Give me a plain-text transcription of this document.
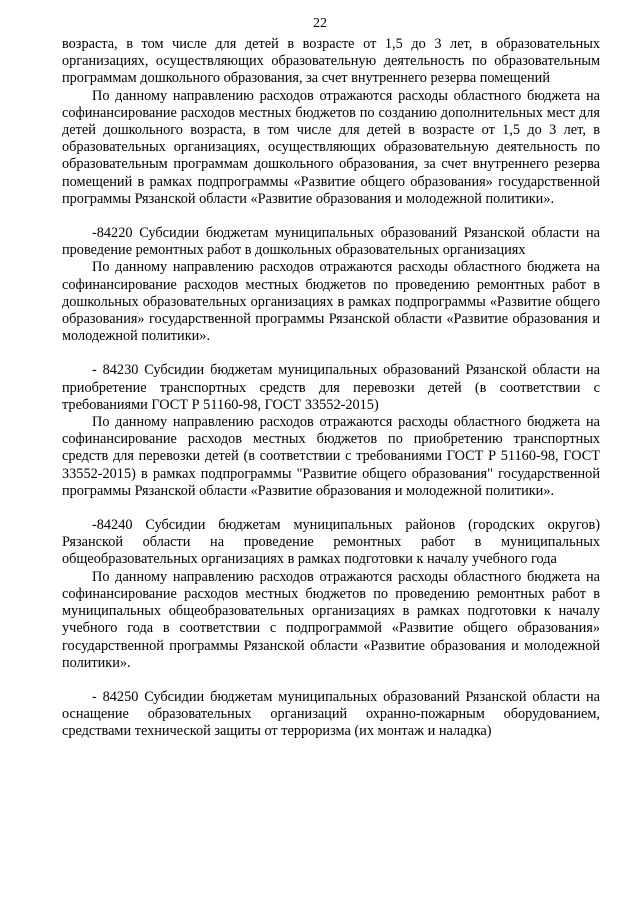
22

возраста, в том числе для детей в возрасте от 1,5 до 3 лет, в образовательных организациях, осуществляющих образовательную деятельность по образовательным программам дошкольного образования, за счет внутреннего резерва помещений

По данному направлению расходов отражаются расходы областного бюджета на софинансирование расходов местных бюджетов по созданию дополнительных мест для детей дошкольного возраста, в том числе для детей в возрасте от 1,5 до 3 лет, в образовательных организациях, осуществляющих образовательную деятельность по образовательным программам дошкольного образования, за счет внутреннего резерва помещений в рамках подпрограммы «Развитие общего образования» государственной программы Рязанской области «Развитие образования и молодежной политики».

-84220 Субсидии бюджетам муниципальных образований Рязанской области на проведение ремонтных работ в дошкольных образовательных организациях

По данному направлению расходов отражаются расходы областного бюджета на софинансирование расходов местных бюджетов по проведению ремонтных работ в дошкольных образовательных организациях в рамках подпрограммы «Развитие общего образования» государственной программы Рязанской области «Развитие образования и молодежной политики».

- 84230 Субсидии бюджетам муниципальных образований Рязанской области на приобретение транспортных средств для перевозки детей (в соответствии с требованиями ГОСТ Р 51160-98, ГОСТ 33552-2015)

По данному направлению расходов отражаются расходы областного бюджета на софинансирование расходов местных бюджетов по приобретению транспортных средств для перевозки детей (в соответствии с требованиями ГОСТ Р 51160-98, ГОСТ 33552-2015) в рамках подпрограммы "Развитие общего образования" государственной программы Рязанской области «Развитие образования и молодежной политики».

-84240 Субсидии бюджетам муниципальных районов (городских округов) Рязанской области на проведение ремонтных работ в муниципальных общеобразовательных организациях в рамках подготовки к началу учебного года

По данному направлению расходов отражаются расходы областного бюджета на софинансирование расходов местных бюджетов по проведению ремонтных работ в муниципальных общеобразовательных организациях в рамках подготовки к началу учебного года в соответствии с подпрограммой «Развитие общего образования» государственной программы Рязанской области «Развитие образования и молодежной политики».

- 84250 Субсидии бюджетам муниципальных образований Рязанской области на оснащение образовательных организаций охранно-пожарным оборудованием, средствами технической защиты от терроризма (их монтаж и наладка)
